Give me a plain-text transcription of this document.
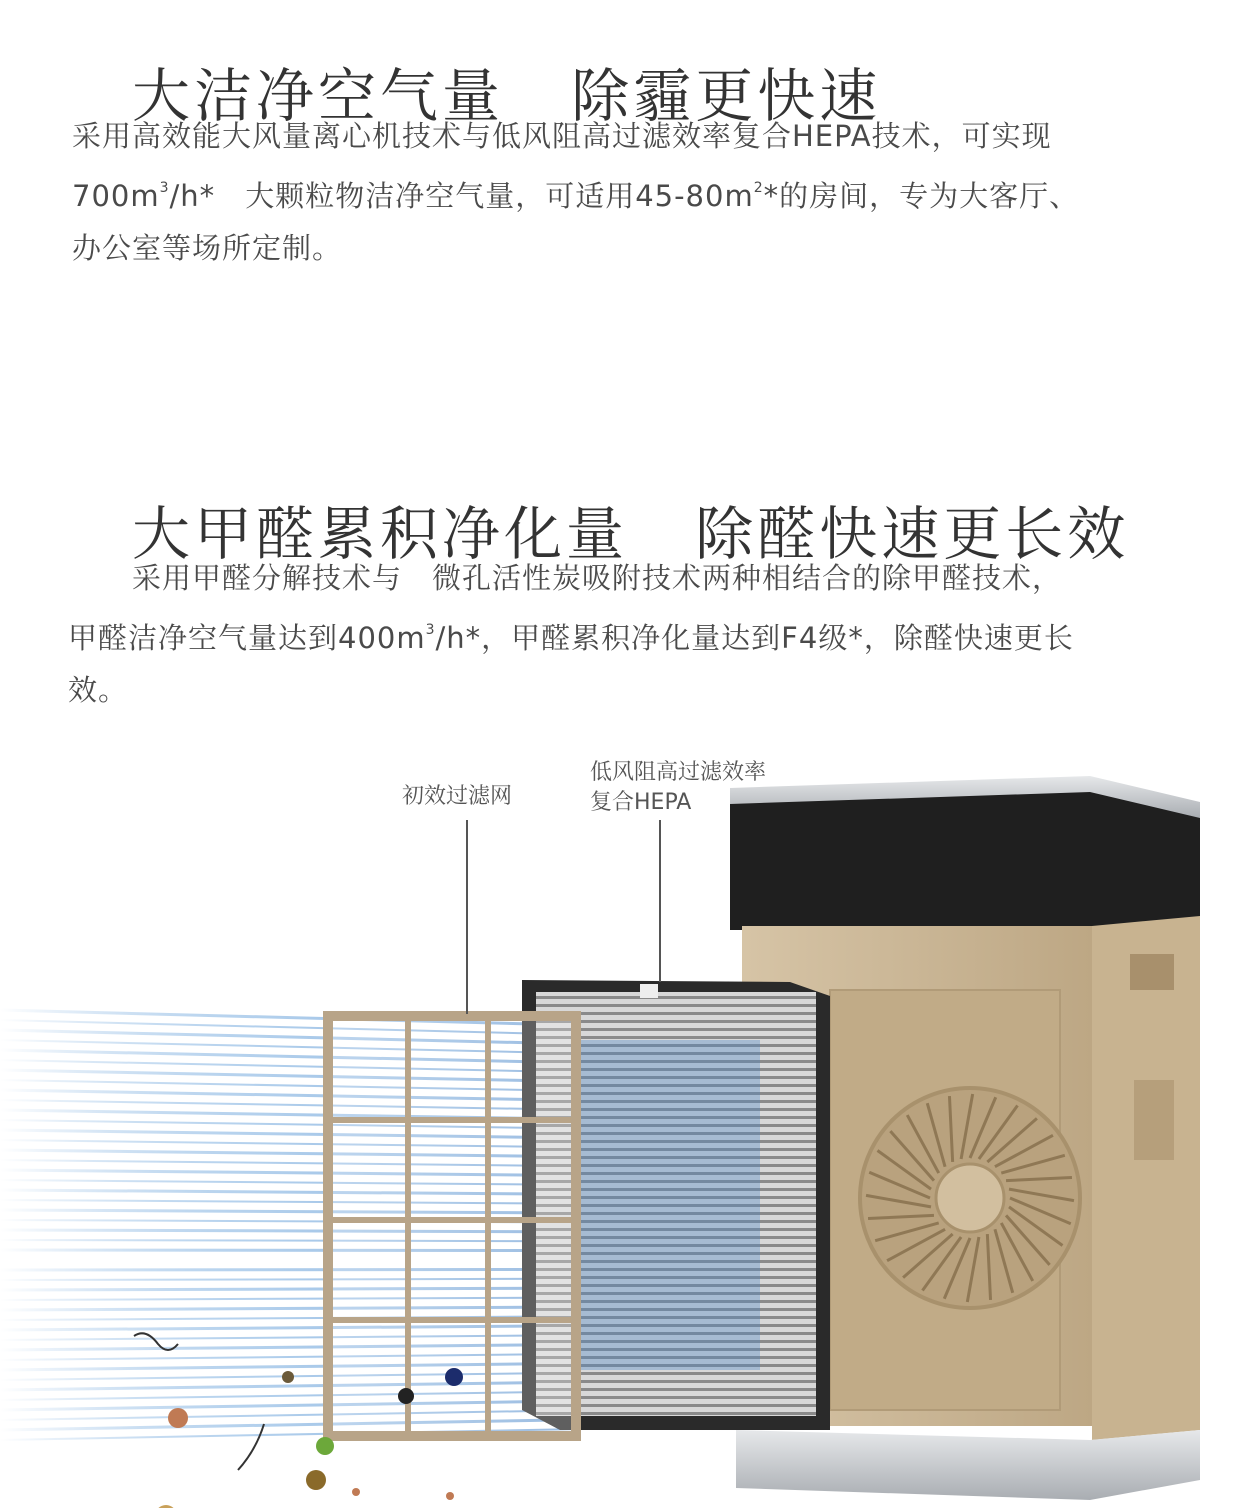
大洁净空气量   除霾更快速
采用高效能大风量离心机技术与低风阻高过滤效率复合HEPA技术，可实现
$700m^3/h*$ 大颗粒物洁净空气量，可适用$45-80m^2*$的房间，专为大客厅、
办公室等场所定制。
大甲醛累积净化量   除醛快速更长效
采用甲醛分解技术与 微孔活性炭吸附技术两种相结合的除甲醛技术，
甲醛洁净空气量达到$400m^3/h*$，甲醛累积净化量达到F4级*，除醛快速更长
效。
初效过滤网
低风阻高过滤效率
复合HEPA
